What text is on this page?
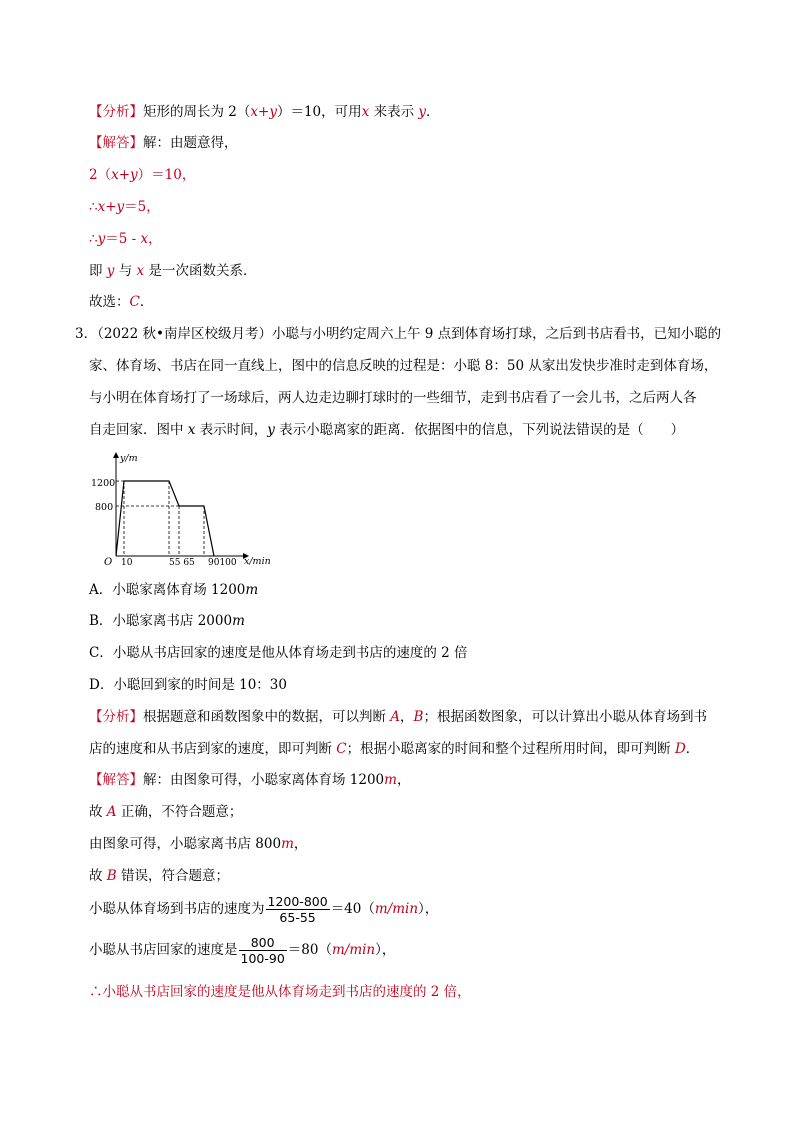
【分析】矩形的周长为 2（x+y）＝10，可用x 来表示 y．
【解答】解：由题意得，
2（x+y）＝10，
∴x+y＝5，
∴y＝5 - x，
即 y 与 x 是一次函数关系．
故选：C．
3．（2022 秋•南岸区校级月考）小聪与小明约定周六上午 9 点到体育场打球，之后到书店看书，已知小聪的
家、体育场、书店在同一直线上，图中的信息反映的过程是：小聪 8：50 从家出发快步准时走到体育场，
与小明在体育场打了一场球后，两人边走边聊打球时的一些细节，走到书店看了一会儿书，之后两人各
自走回家．图中 x 表示时间，y 表示小聪离家的距离．依据图中的信息，下列说法错误的是（　　）
y/m
x/min
O
1200
800
10	55 65 90100
A．小聪家离体育场 1200m
B．小聪家离书店 2000m
C．小聪从书店回家的速度是他从体育场走到书店的速度的 2 倍
D．小聪回到家的时间是 10：30
【分析】根据题意和函数图象中的数据，可以判断 A，B；根据函数图象，可以计算出小聪从体育场到书
店的速度和从书店到家的速度，即可判断 C；根据小聪离家的时间和整个过程所用时间，即可判断 D．
【解答】解：由图象可得，小聪家离体育场 1200m，
故 A 正确，不符合题意；
由图象可得，小聪家离书店 800m，
故 B 错误，符合题意；
小聪从体育场到书店的速度为 $\frac{1200-800}{65-55} =40(m/\min)$，
小聪从书店回家的速度是 $\frac{800}{100-90} =80(m/\min)$，
∴小聪从书店回家的速度是他从体育场走到书店的速度的 2 倍，
